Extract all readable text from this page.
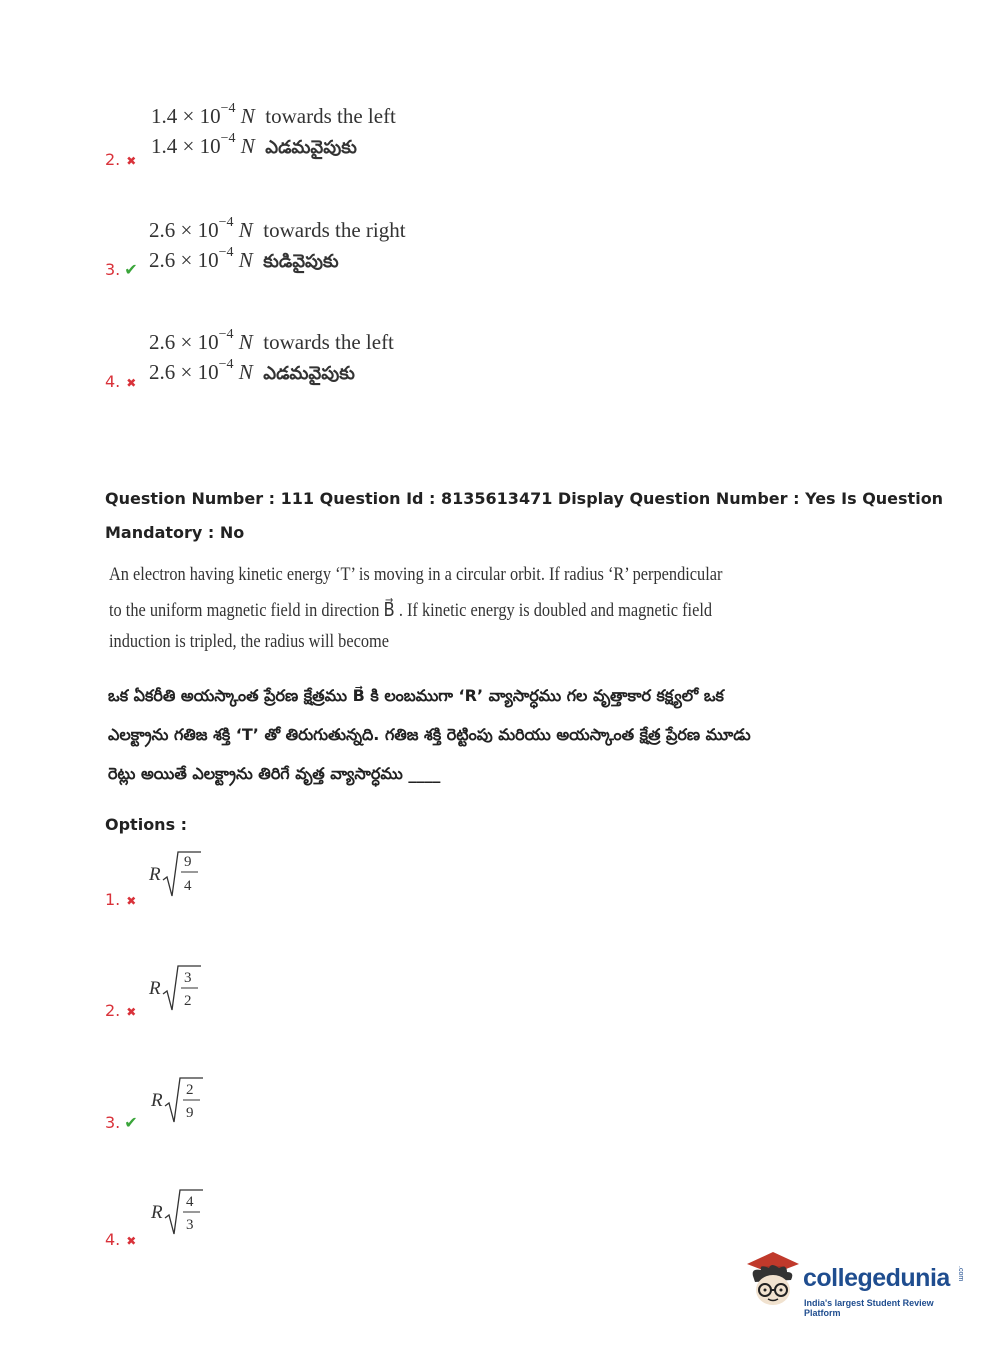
$1.4 \times 10^{-4}$ N towards the left
$1.4 \times 10^{-4}$ N ఎడమవైపుకు
2. ✖
$2.6 \times 10^{-4}$ N towards the right
$2.6 \times 10^{-4}$ N కుడివైపుకు
3. ✔
$2.6 \times 10^{-4}$ N towards the left
$2.6 \times 10^{-4}$ N ఎడమవైపుకు
4. ✖
Question Number : 111 Question Id : 8135613471 Display Question Number : Yes Is Question
Mandatory : No
An electron having kinetic energy ‘T’ is moving in a circular orbit. If radius ‘R’ perpendicular
to the uniform magnetic field in direction B⃗ . If kinetic energy is doubled and magnetic field
induction is tripled, the radius will become
ఒక ఏకరీతి అయస్కాంత ప్రేరణ క్షేత్రము B⃗ కి లంబముగా ‘R’ వ్యాసార్ధము గల వృత్తాకార కక్ష్యలో ఒక
ఎలక్ట్రాను గతిజ శక్తి ‘T’ తో తిరుగుతున్నది. గతిజ శక్తి రెట్టింపు మరియు అయస్కాంత క్షేత్ర ప్రేరణ మూడు
రెట్లు అయితే ఎలక్ట్రాను తిరిగే వృత్త వ్యాసార్ధము ____
Options :
R
9
4
1. ✖
R 3
2
2. ✖
R 2
9
3. ✔
R 4
3
4. ✖
collegedunia .com
India's largest Student Review Platform
